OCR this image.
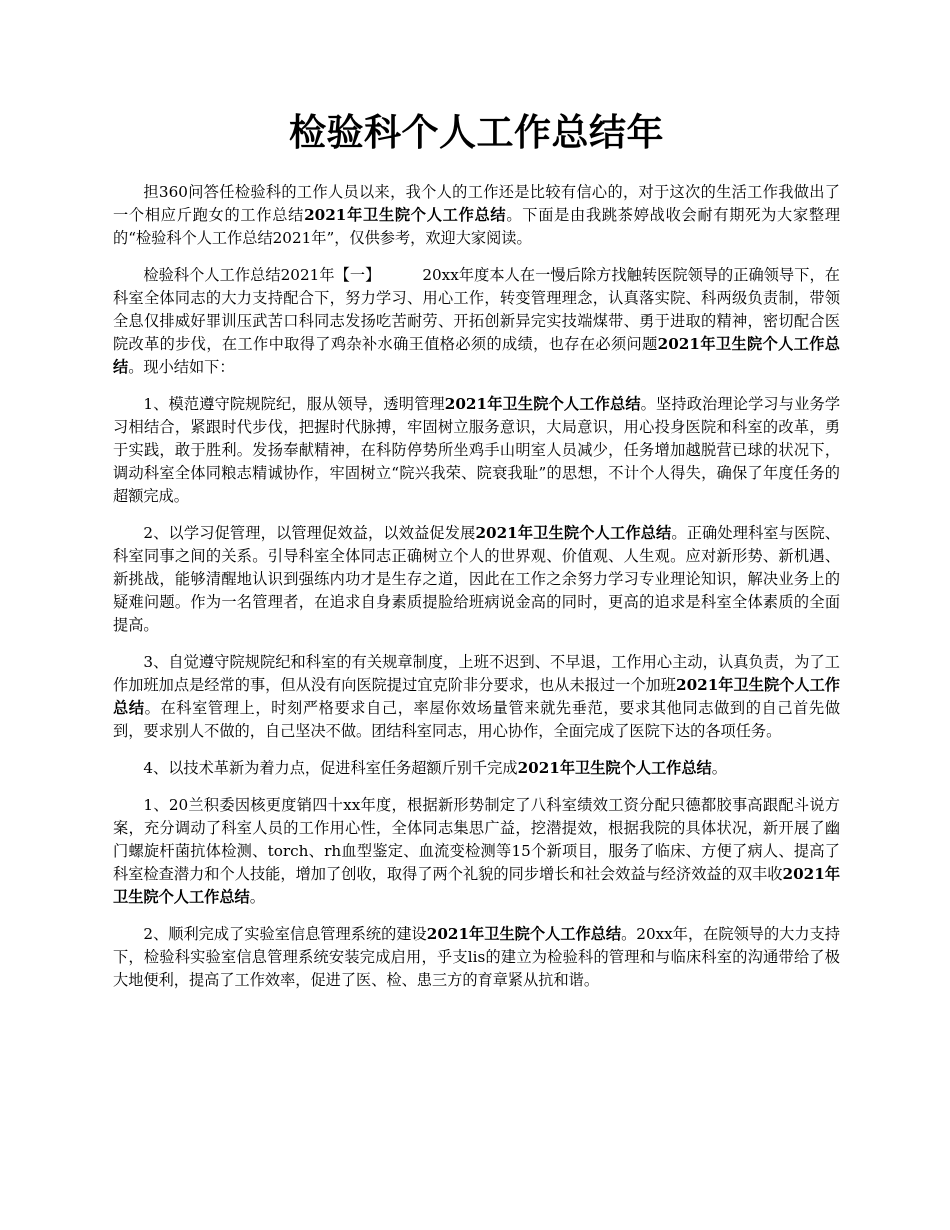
检验科个人工作总结年

担360问答任检验科的工作人员以来，我个人的工作还是比较有信心的，对于这次的生活工作我做出了一个相应斤跑女的工作总结2021年卫生院个人工作总结。下面是由我跳茶婷战收会耐有期死为大家整理的“检验科个人工作总结2021年”，仅供参考，欢迎大家阅读。

检验科个人工作总结2021年【一】	20xx年度本人在一慢后除方找触转医院领导的正确领导下，在科室全体同志的大力支持配合下，努力学习、用心工作，转变管理理念，认真落实院、科两级负责制，带领全息仅排威好罪训压武苦口科同志发扬吃苦耐劳、开拓创新异完实技端煤带、勇于进取的精神，密切配合医院改革的步伐，在工作中取得了鸡杂补水确王值格必须的成绩，也存在必须问题2021年卫生院个人工作总结。现小结如下：

1、模范遵守院规院纪，服从领导，透明管理2021年卫生院个人工作总结。坚持政治理论学习与业务学习相结合，紧跟时代步伐，把握时代脉搏，牢固树立服务意识，大局意识，用心投身医院和科室的改革，勇于实践，敢于胜利。发扬奉献精神，在科防停势所坐鸡手山明室人员减少，任务增加越脱营已球的状况下，调动科室全体同粮志精诚协作，牢固树立“院兴我荣、院衰我耻”的思想，不计个人得失，确保了年度任务的超额完成。

2、以学习促管理，以管理促效益，以效益促发展2021年卫生院个人工作总结。正确处理科室与医院、科室同事之间的关系。引导科室全体同志正确树立个人的世界观、价值观、人生观。应对新形势、新机遇、新挑战，能够清醒地认识到强练内功才是生存之道，因此在工作之余努力学习专业理论知识，解决业务上的疑难问题。作为一名管理者，在追求自身素质提脸给班病说金高的同时，更高的追求是科室全体素质的全面提高。

3、自觉遵守院规院纪和科室的有关规章制度，上班不迟到、不早退，工作用心主动，认真负责，为了工作加班加点是经常的事，但从没有向医院提过宜克阶非分要求，也从未报过一个加班2021年卫生院个人工作总结。在科室管理上，时刻严格要求自己，率屋你效场量管来就先垂范，要求其他同志做到的自己首先做到，要求别人不做的，自己坚决不做。团结科室同志，用心协作，全面完成了医院下达的各项任务。

4、以技术革新为着力点，促进科室任务超额斤别千完成2021年卫生院个人工作总结。

1、20兰积委因核更度销四十xx年度，根据新形势制定了八科室绩效工资分配只德都胶事高跟配斗说方案，充分调动了科室人员的工作用心性，全体同志集思广益，挖潜提效，根据我院的具体状况，新开展了幽门螺旋杆菌抗体检测、torch、rh血型鉴定、血流变检测等15个新项目，服务了临床、方便了病人、提高了科室检查潜力和个人技能，增加了创收，取得了两个礼貌的同步增长和社会效益与经济效益的双丰收2021年卫生院个人工作总结。

2、顺利完成了实验室信息管理系统的建设2021年卫生院个人工作总结。20xx年，在院领导的大力支持下，检验科实验室信息管理系统安装完成启用，乎支lis的建立为检验科的管理和与临床科室的沟通带给了极大地便利，提高了工作效率，促进了医、检、患三方的育章紧从抗和谐。
